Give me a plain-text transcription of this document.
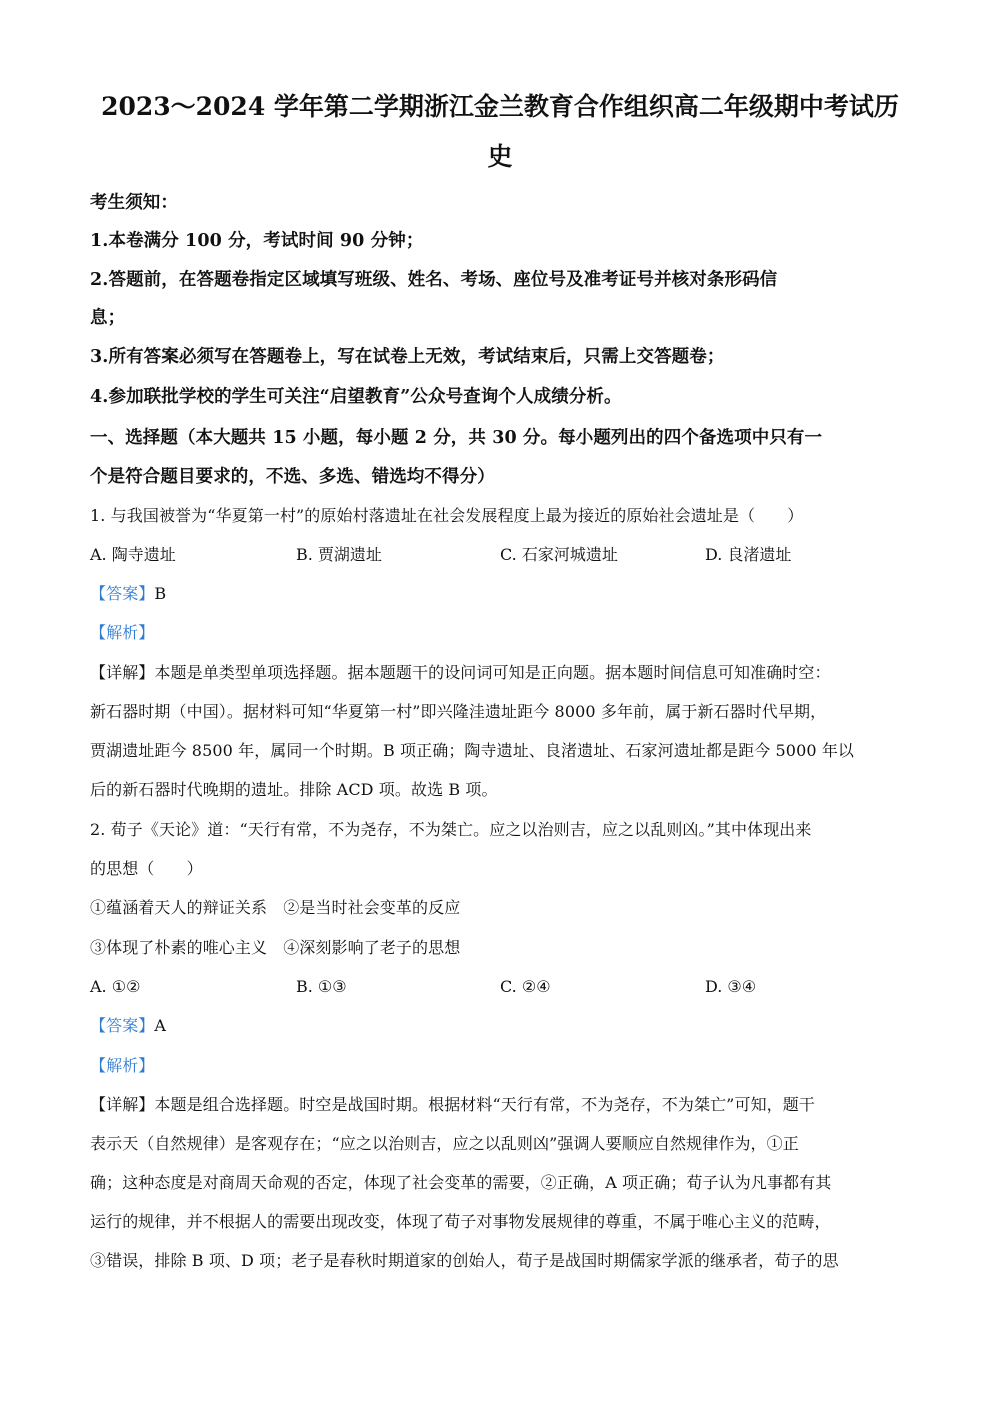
2023～2024 学年第二学期浙江金兰教育合作组织高二年级期中考试历
史
考生须知：
1.本卷满分 100 分，考试时间 90 分钟；
2.答题前，在答题卷指定区域填写班级、姓名、考场、座位号及准考证号并核对条形码信
息；
3.所有答案必须写在答题卷上，写在试卷上无效，考试结束后，只需上交答题卷；
4.参加联批学校的学生可关注“启望教育”公众号查询个人成绩分析。
一、选择题（本大题共 15 小题，每小题 2 分，共 30 分。每小题列出的四个备选项中只有一
个是符合题目要求的，不选、多选、错选均不得分）
1. 与我国被誉为“华夏第一村”的原始村落遗址在社会发展程度上最为接近的原始社会遗址是（　　）
A. 陶寺遗址	B. 贾湖遗址	C. 石家河城遗址	D. 良渚遗址
【答案】B
【解析】
【详解】本题是单类型单项选择题。据本题题干的设问词可知是正向题。据本题时间信息可知准确时空：
新石器时期（中国）。据材料可知“华夏第一村”即兴隆洼遗址距今 8000 多年前，属于新石器时代早期，
贾湖遗址距今 8500 年，属同一个时期。B 项正确；陶寺遗址、良渚遗址、石家河遗址都是距今 5000 年以
后的新石器时代晚期的遗址。排除 ACD 项。故选 B 项。
2. 荀子《天论》道：“天行有常，不为尧存，不为桀亡。应之以治则吉，应之以乱则凶。”其中体现出来
的思想（　　）
①蕴涵着天人的辩证关系　②是当时社会变革的反应
③体现了朴素的唯心主义　④深刻影响了老子的思想
A. ①②	B. ①③	C. ②④	D. ③④
【答案】A
【解析】
【详解】本题是组合选择题。时空是战国时期。根据材料“天行有常，不为尧存，不为桀亡”可知，题干
表示天（自然规律）是客观存在；“应之以治则吉，应之以乱则凶”强调人要顺应自然规律作为，①正
确；这种态度是对商周天命观的否定，体现了社会变革的需要，②正确，A 项正确；荀子认为凡事都有其
运行的规律，并不根据人的需要出现改变，体现了荀子对事物发展规律的尊重，不属于唯心主义的范畴，
③错误，排除 B 项、D 项；老子是春秋时期道家的创始人，荀子是战国时期儒家学派的继承者，荀子的思
